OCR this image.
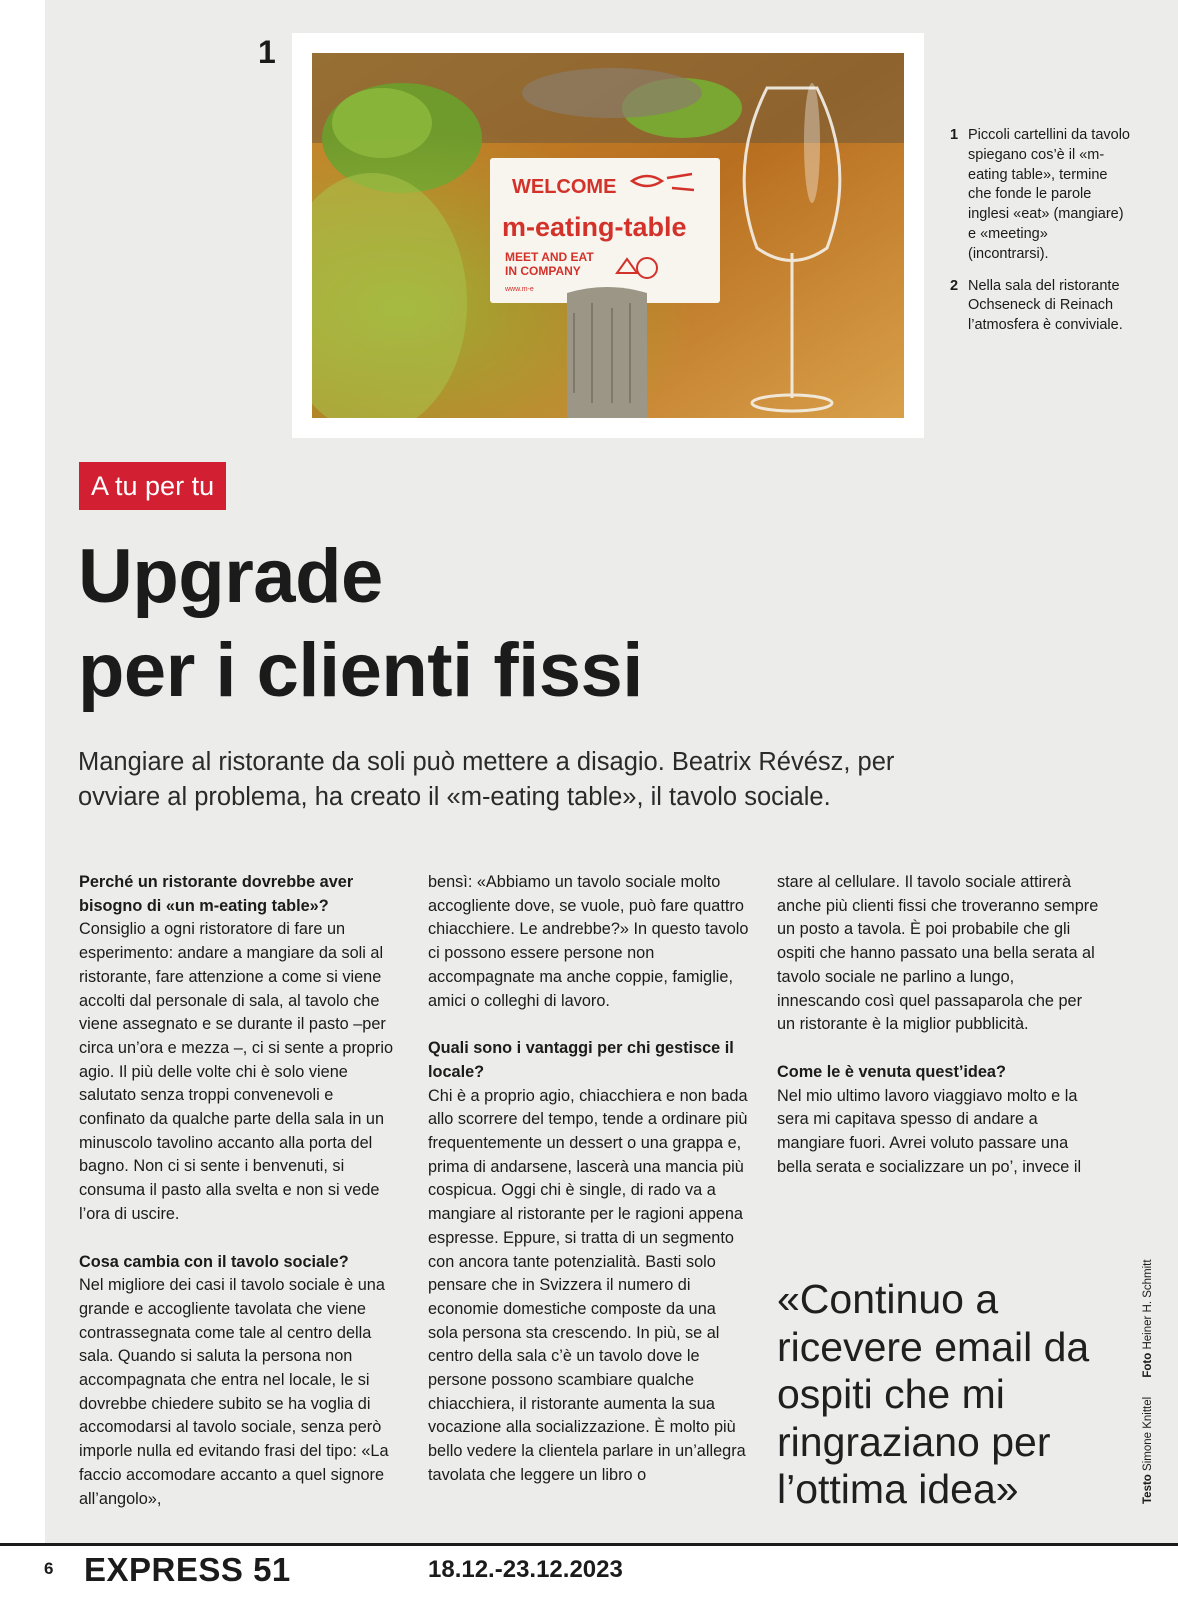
1
WELCOME
m-eating-table
MEET AND EAT
IN COMPANY
www.m-e
1 Piccoli cartellini da tavolo spiegano cos’è il «m-eating table», termine che fonde le parole inglesi «eat» (mangiare) e «meeting» (incontrarsi).
2 Nella sala del ristorante Ochseneck di Reinach l’atmosfera è conviviale.
A tu per tu
Upgrade
per i clienti fissi
Mangiare al ristorante da soli può mettere a disagio. Beatrix Révész, per ovviare al problema, ha creato il «m-eating table», il tavolo sociale.

Perché un ristorante dovrebbe aver bisogno di «un m-eating table»?

Consiglio a ogni ristoratore di fare un esperimento: andare a mangiare da soli al ristorante, fare attenzione a come si viene accolti dal personale di sala, al tavolo che viene assegnato e se durante il pasto –per circa un’ora e mezza –, ci si sente a proprio agio. Il più delle volte chi è solo viene salutato senza troppi convenevoli e confinato da qualche parte della sala in un minuscolo tavolino accanto alla porta del bagno. Non ci si sente i benvenuti, si consuma il pasto alla svelta e non si vede l’ora di uscire.

Cosa cambia con il tavolo sociale?

Nel migliore dei casi il tavolo sociale è una grande e accogliente tavolata che viene contrassegnata come tale al centro della sala. Quando si saluta la persona non accompagnata che entra nel locale, le si dovrebbe chiedere subito se ha voglia di accomodarsi al tavolo sociale, senza però imporle nulla ed evitando frasi del tipo: «La faccio accomodare accanto a quel signore all’angolo»,

bensì: «Abbiamo un tavolo sociale molto accogliente dove, se vuole, può fare quattro chiacchiere. Le andrebbe?» In questo tavolo ci possono essere persone non accompagnate ma anche coppie, famiglie, amici o colleghi di lavoro.

Quali sono i vantaggi per chi gestisce il locale?

Chi è a proprio agio, chiacchiera e non bada allo scorrere del tempo, tende a ordinare più frequentemente un dessert o una grappa e, prima di andarsene, lascerà una mancia più cospicua. Oggi chi è single, di rado va a mangiare al ristorante per le ragioni appena espresse. Eppure, si tratta di un segmento con ancora tante potenzialità. Basti solo pensare che in Svizzera il numero di economie domestiche composte da una sola persona sta crescendo. In più, se al centro della sala c’è un tavolo dove le persone possono scambiare qualche chiacchiera, il ristorante aumenta la sua vocazione alla socializzazione. È molto più bello vedere la clientela parlare in un’allegra tavolata che leggere un libro o

stare al cellulare. Il tavolo sociale attirerà anche più clienti fissi che troveranno sempre un posto a tavola. È poi probabile che gli ospiti che hanno passato una bella serata al tavolo sociale ne parlino a lungo, innescando così quel passaparola che per un ristorante è la miglior pubblicità.

Come le è venuta quest’idea?

Nel mio ultimo lavoro viaggiavo molto e la sera mi capitava spesso di andare a mangiare fuori. Avrei voluto passare una bella serata e socializzare un po’, invece il

«Continuo a ricevere email da ospiti che mi ringraziano per l’ottima idea»	Testo Simone Knittel      Foto Heiner H. Schmitt
6 EXPRESS 51	18.12.-23.12.2023
